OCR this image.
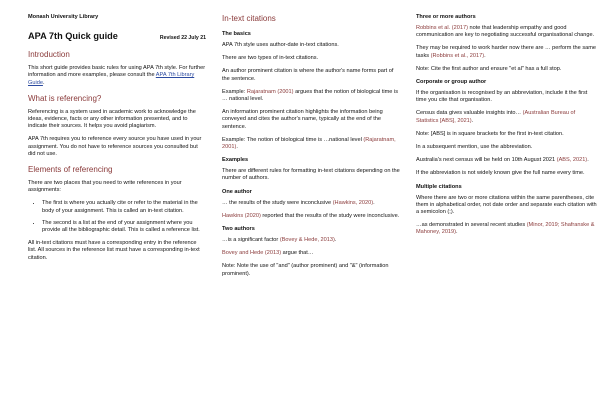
Monash University Library

APA 7th Quick guide	Revised 22 July 21
Introduction

This short guide provides basic rules for using APA 7th style. For further information and more examples, please consult the APA 7th Library Guide.

What is referencing?

Referencing is a system used in academic work to acknowledge the ideas, evidence, facts or any other information presented, and to indicate their sources. It helps you avoid plagiarism.

APA 7th requires you to reference every source you have used in your assignment. You do not have to reference sources you consulted but did not use.

Elements of referencing

There are two places that you need to write references in your assignments:

• The first is where you actually cite or refer to the material in the body of your assignment. This is called an in-text citation.
• The second is a list at the end of your assignment where you provide all the bibliographic detail. This is called a reference list.

All in-text citations must have a corresponding entry in the reference list. All sources in the reference list must have a corresponding in-text citation.

In-text citations
The basics

APA 7th style uses author-date in-text citations.

There are two types of in-text citations.

An author prominent citation is where the author's name forms part of the sentence.

Example: Rajaratnam (2001) argues that the notion of biological time is … national level.

An information prominent citation highlights the information being conveyed and cites the author's name, typically at the end of the sentence.

Example: The notion of biological time is …national level (Rajaratnam, 2001).

Examples

There are different rules for formatting in-text citations depending on the number of authors.

One author

… the results of the study were inconclusive (Hawkins, 2020).

Hawkins (2020) reported that the results of the study were inconclusive.

Two authors

…is a significant factor (Bovey & Hede, 2013).

Bovey and Hede (2013) argue that…

Note: Note the use of "and" (author prominent) and "&" (information prominent).

Three or more authors

Robbins et al. (2017) note that leadership empathy and good communication are key to negotiating successful organisational change.

They may be required to work harder now there are … perform the same tasks (Robbins et al., 2017).

Note: Cite the first author and ensure "et al" has a full stop.

Corporate or group author

If the organisation is recognised by an abbreviation, include it the first time you cite that organisation.

Census data gives valuable insights into… (Australian Bureau of Statistics [ABS], 2021).

Note: [ABS] is in square brackets for the first in-text citation.

In a subsequent mention, use the abbreviation.

Australia's next census will be held on 10th August 2021 (ABS, 2021).

If the abbreviation is not widely known give the full name every time.

Multiple citations

Where there are two or more citations within the same parentheses, cite them in alphabetical order, not date order and separate each citation with a semicolon (;).

…as demonstrated in several recent studies (Minor, 2019; Shafranske & Mahoney, 2019).
